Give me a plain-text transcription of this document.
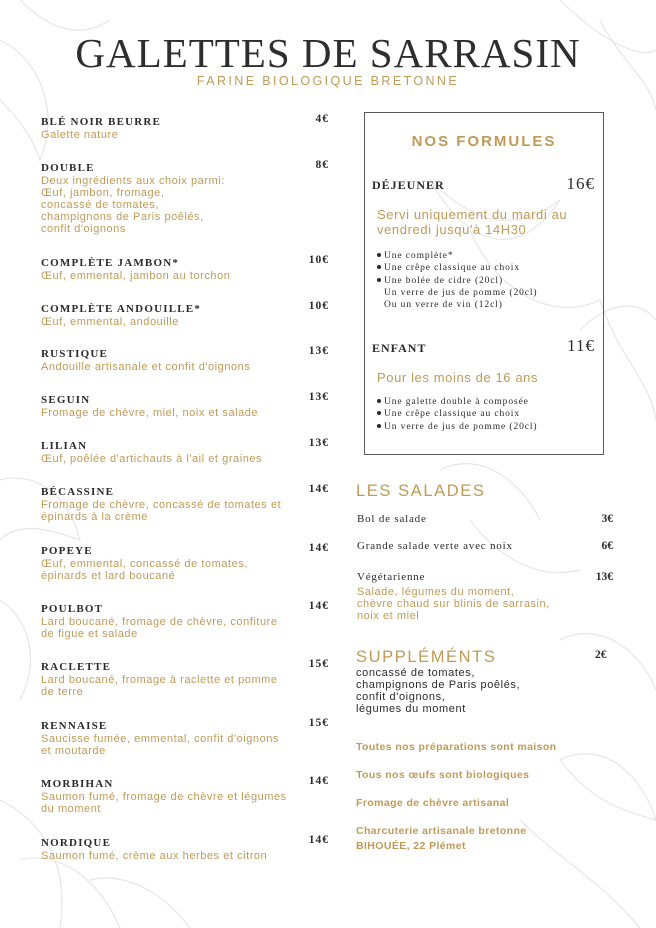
GALETTES DE SARRASIN
FARINE BIOLOGIQUE BRETONNE
BLÉ NOIR BEURRE	4€
Galette nature
DOUBLE	8€
Deux ingrédients aux choix parmi:
Œuf, jambon, fromage,
concassé de tomates,
champignons de Paris poêlés,
confit d'oignons
COMPLÈTE JAMBON*	10€
Œuf, emmental, jambon au torchon
COMPLÈTE ANDOUILLE*	10€
Œuf, emmental, andouille
RUSTIQUE	13€
Andouille artisanale et confit d'oignons
SEGUIN	13€
Fromage de chèvre, miel, noix et salade
LILIAN	13€
Œuf, poêlée d'artichauts à l'ail et graines
BÉCASSINE	14€
Fromage de chèvre, concassé de tomates et
épinards à la crème
POPEYE	14€
Œuf, emmental, concassé de tomates,
épinards et lard boucané
POULBOT	14€
Lard boucané, fromage de chèvre, confiture
de figue et salade
RACLETTE	15€
Lard boucané, fromage à raclette et pomme
de terre
RENNAISE	15€
Saucisse fumée, emmental, confit d'oignons
et moutarde
MORBIHAN	14€
Saumon fumé, fromage de chèvre et légumes
du moment
NORDIQUE	14€
Saumon fumé, crème aux herbes et citron
NOS FORMULES
DÉJEUNER	16€
Servi uniquement du mardi au vendredi jusqu'à 14H30
Une complète*
Une crêpe classique au choix
Une bolée de cidre (20cl)
Un verre de jus de pomme (20cl)
Ou un verre de vin (12cl)
ENFANT	11€
Pour les moins de 16 ans
Une galette double à composée
Une crêpe classique au choix
Un verre de jus de pomme (20cl)
LES SALADES
Bol de salade	3€
Grande salade verte avec noix	6€
Végétarienne	13€
Salade, légumes du moment,
chèvre chaud sur blinis de sarrasin,
noix et miel
SUPPLÉMÉNTS	2€
concassé de tomates,
champignons de Paris poêlés,
confit d'oignons,
légumes du moment
Toutes nos préparations sont maison
Tous nos œufs sont biologiques
Fromage de chèvre artisanal
Charcuterie artisanale bretonne
BIHOUÉE, 22 Plémet
